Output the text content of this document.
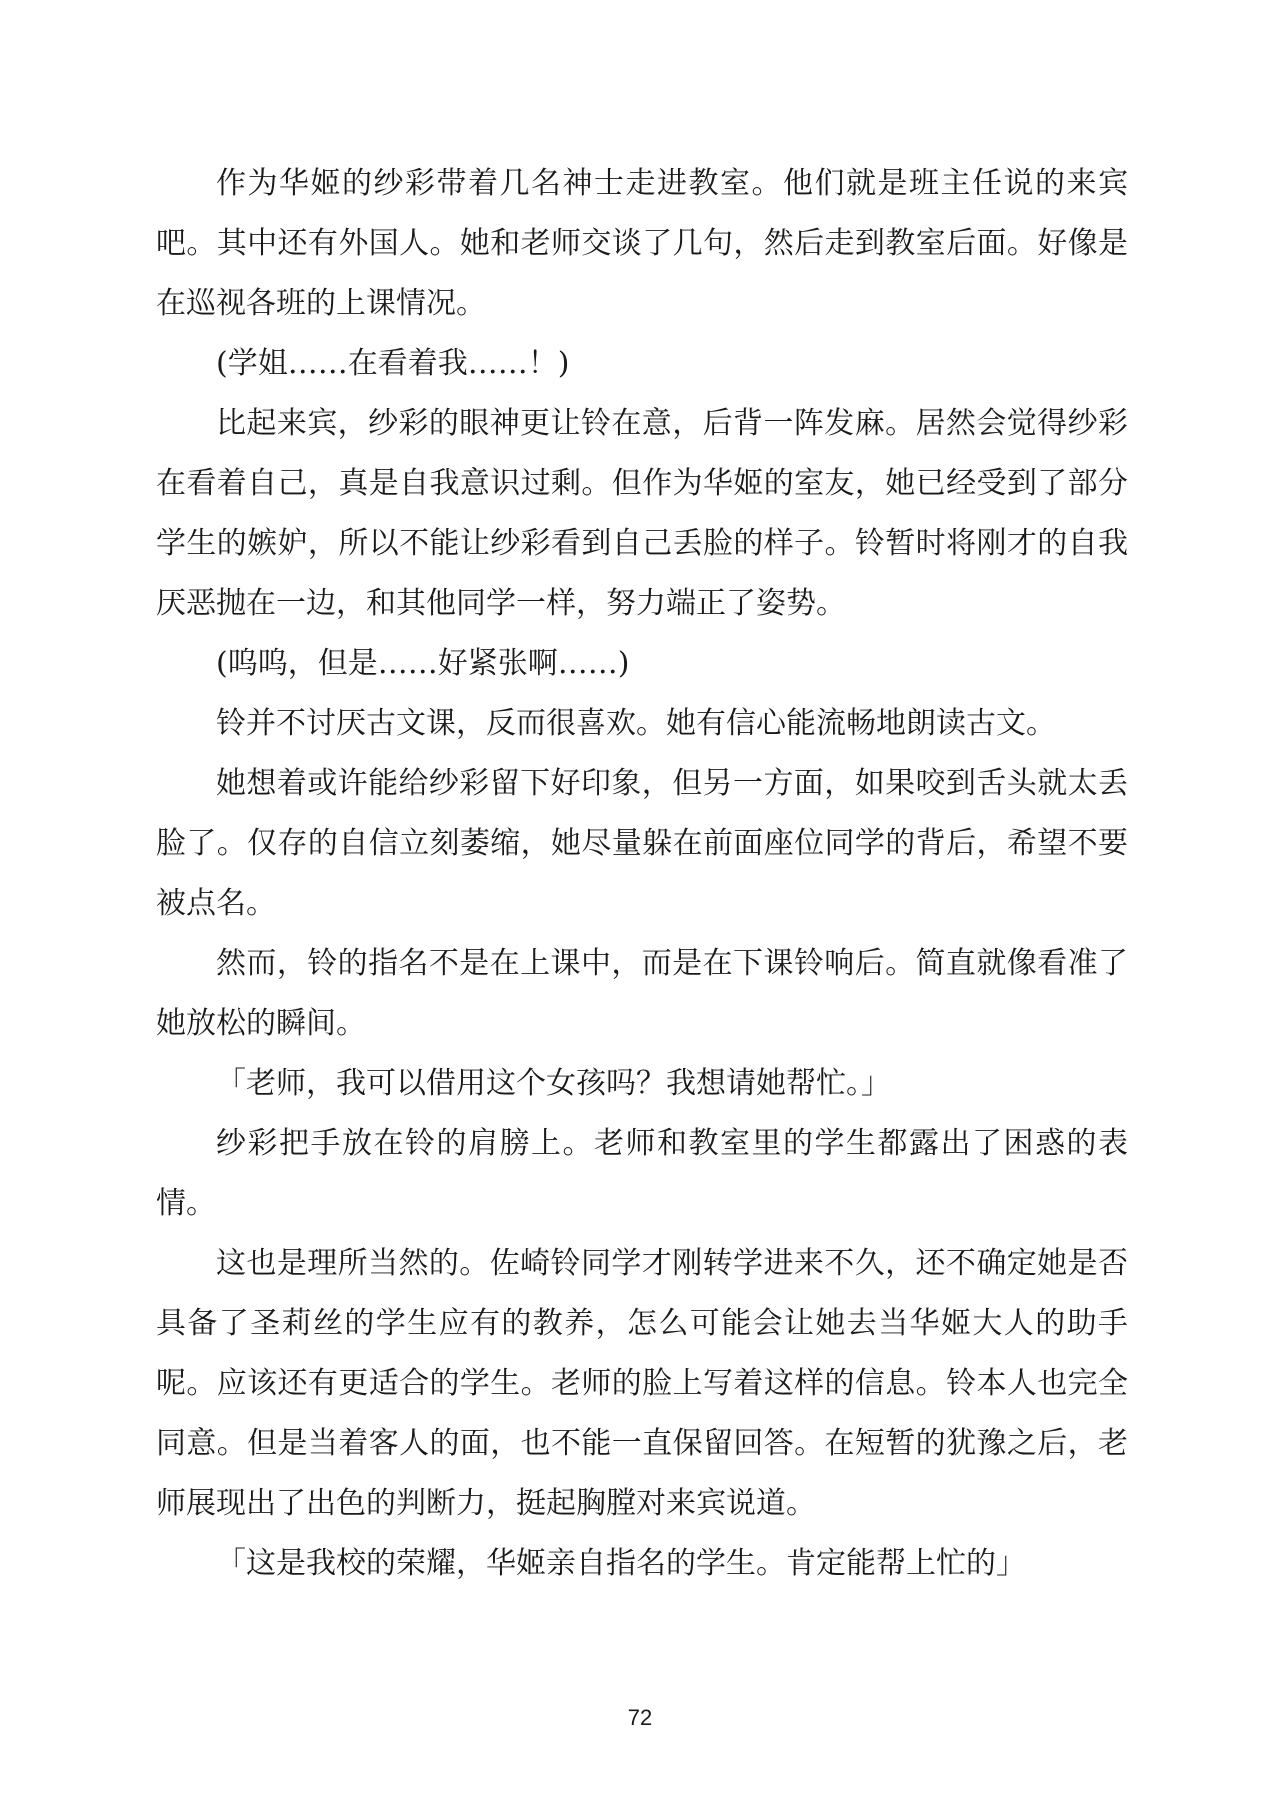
作为华姬的纱彩带着几名神士走进教室。他们就是班主任说的来宾吧。其中还有外国人。她和老师交谈了几句，然后走到教室后面。好像是在巡视各班的上课情况。

(学姐……在看着我……！)

比起来宾，纱彩的眼神更让铃在意，后背一阵发麻。居然会觉得纱彩在看着自己，真是自我意识过剩。但作为华姬的室友，她已经受到了部分学生的嫉妒，所以不能让纱彩看到自己丢脸的样子。铃暂时将刚才的自我厌恶抛在一边，和其他同学一样，努力端正了姿势。

(呜呜，但是……好紧张啊……)

铃并不讨厌古文课，反而很喜欢。她有信心能流畅地朗读古文。

她想着或许能给纱彩留下好印象，但另一方面，如果咬到舌头就太丢脸了。仅存的自信立刻萎缩，她尽量躲在前面座位同学的背后，希望不要被点名。

然而，铃的指名不是在上课中，而是在下课铃响后。简直就像看准了她放松的瞬间。

「老师，我可以借用这个女孩吗？我想请她帮忙。」

纱彩把手放在铃的肩膀上。老师和教室里的学生都露出了困惑的表情。

这也是理所当然的。佐崎铃同学才刚转学进来不久，还不确定她是否具备了圣莉丝的学生应有的教养，怎么可能会让她去当华姬大人的助手呢。应该还有更适合的学生。老师的脸上写着这样的信息。铃本人也完全同意。但是当着客人的面，也不能一直保留回答。在短暂的犹豫之后，老师展现出了出色的判断力，挺起胸膛对来宾说道。

「这是我校的荣耀，华姬亲自指名的学生。肯定能帮上忙的」

72
